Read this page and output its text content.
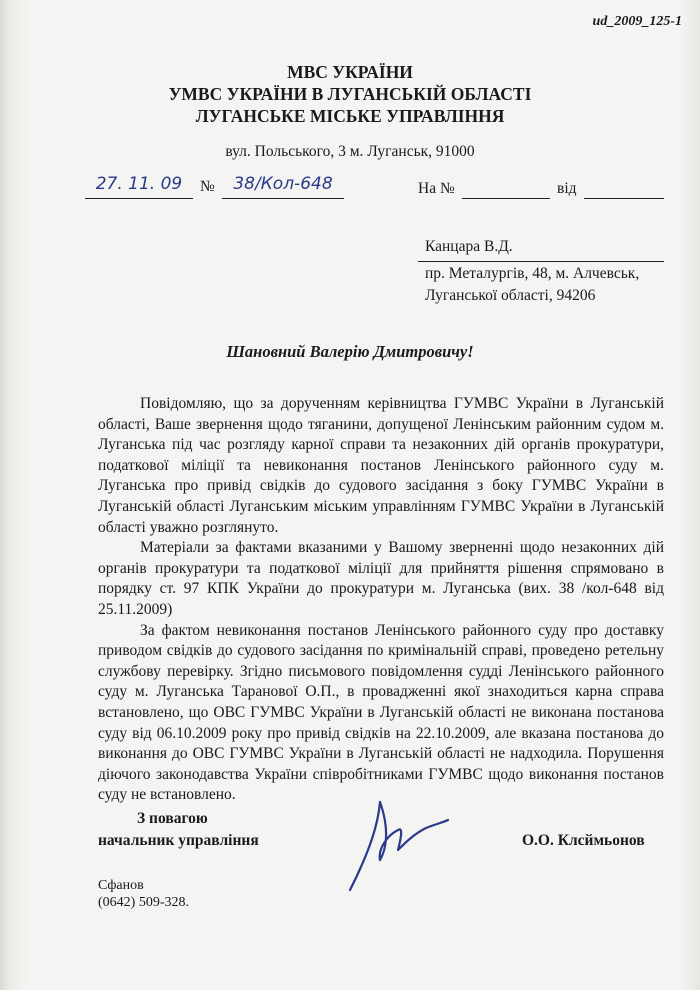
ud_2009_125-1
МВС УКРАЇНИ
УМВС УКРАЇНИ В ЛУГАНСЬКІЙ ОБЛАСТІ
ЛУГАНСЬКЕ МІСЬКЕ УПРАВЛІННЯ
вул. Польського, 3 м. Луганськ, 91000
27. 11. 09	№	38/Кол-648	На №	від
Канцара В.Д.
пр. Металургів, 48, м. Алчевськ,
Луганської області, 94206
Шановний Валерію Дмитровичу!

Повідомляю, що за дорученням керівництва ГУМВС України в Луганській області, Ваше звернення щодо тяганини, допущеної Ленінським районним судом м. Луганська під час розгляду карної справи та незаконних дій органів прокуратури, податкової міліції та невиконання постанов Ленінського районного суду м. Луганська про привід свідків до судового засідання з боку ГУМВС України в Луганській області Луганським міським управлінням ГУМВС України в Луганській області уважно розглянуто.

Матеріали за фактами вказаними у Вашому зверненні щодо незаконних дій органів прокуратури та податкової міліції для прийняття рішення спрямовано в порядку ст. 97 КПК України до прокуратури м. Луганська (вих. 38 /кол-648 від 25.11.2009)

За фактом невиконання постанов Ленінського районного суду про доставку приводом свідків до судового засідання по кримінальній справі, проведено ретельну службову перевірку. Згідно письмового повідомлення судді Ленінського районного суду м. Луганська Таранової О.П., в провадженні якої знаходиться карна справа встановлено, що ОВС ГУМВС України в Луганській області не виконана постанова суду від 06.10.2009 року про привід свідків на 22.10.2009, але вказана постанова до виконання до ОВС ГУМВС України в Луганській області не надходила. Порушення діючого законодавства України співробітниками ГУМВС щодо виконання постанов суду не встановлено.

З повагою
начальник управління	О.О. Клсймьонов
Сфанов
(0642) 509-328.
